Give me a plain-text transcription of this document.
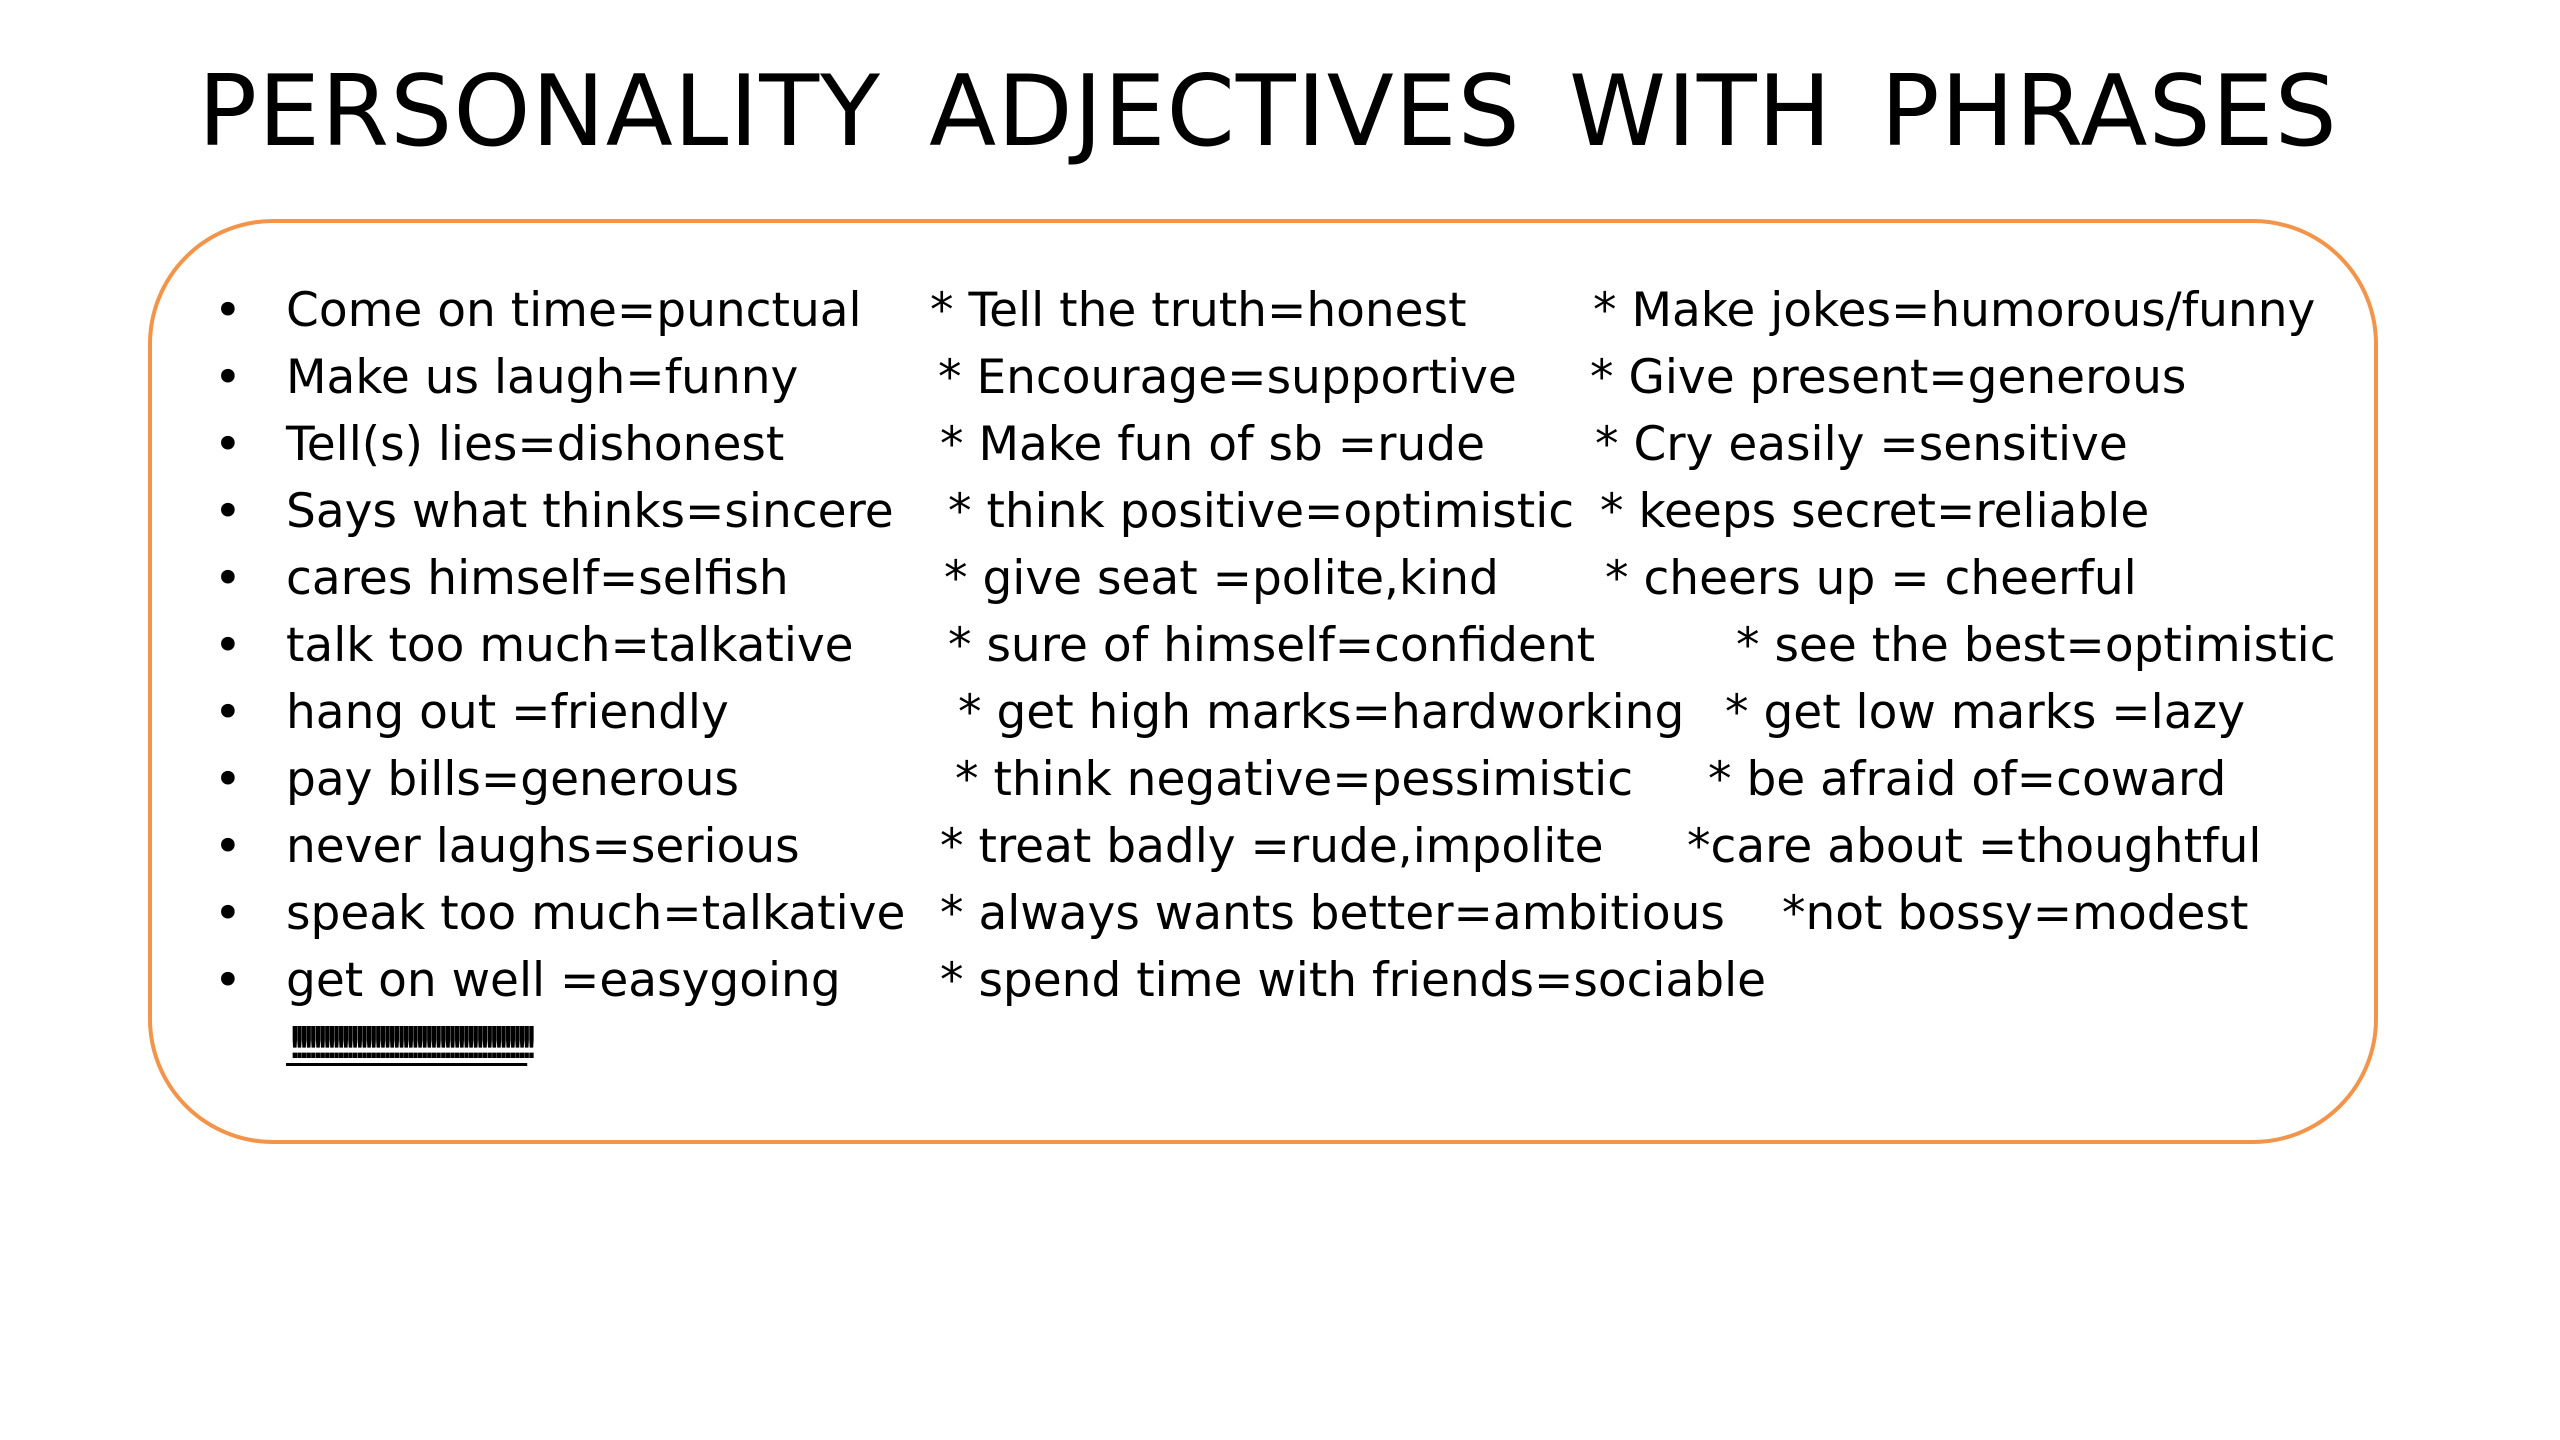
PERSONALITY ADJECTIVES WITH PHRASES
• Come on time=punctual * Tell the truth=honest	* Make jokes=humorous/funny
• Make us laugh=funny	* Encourage=supportive * Give present=generous
• Tell(s) lies=dishonest	* Make fun of sb =rude * Cry easily =sensitive
• Says what thinks=sincere * think positive=optimistic * keeps secret=reliable
• cares himself=selfish	* give seat =polite,kind * cheers up = cheerful
• talk too much=talkative * sure of himself=confident	* see the best=optimistic
• hang out =friendly	* get high marks=hardworking * get low marks =lazy
• pay bills=generous	* think negative=pessimistic * be afraid of=coward
• never laughs=serious	* treat badly =rude,impolite *care about =thoughtful
• speak too much=talkative * always wants better=ambitious *not bossy=modest
• get on well =easygoing * spend time with friends=sociable
!!!!!!!!!!!!!!!!!!!!!!!!!!!!!!!!!!!!!!!!!!!!!!!!!!!!
